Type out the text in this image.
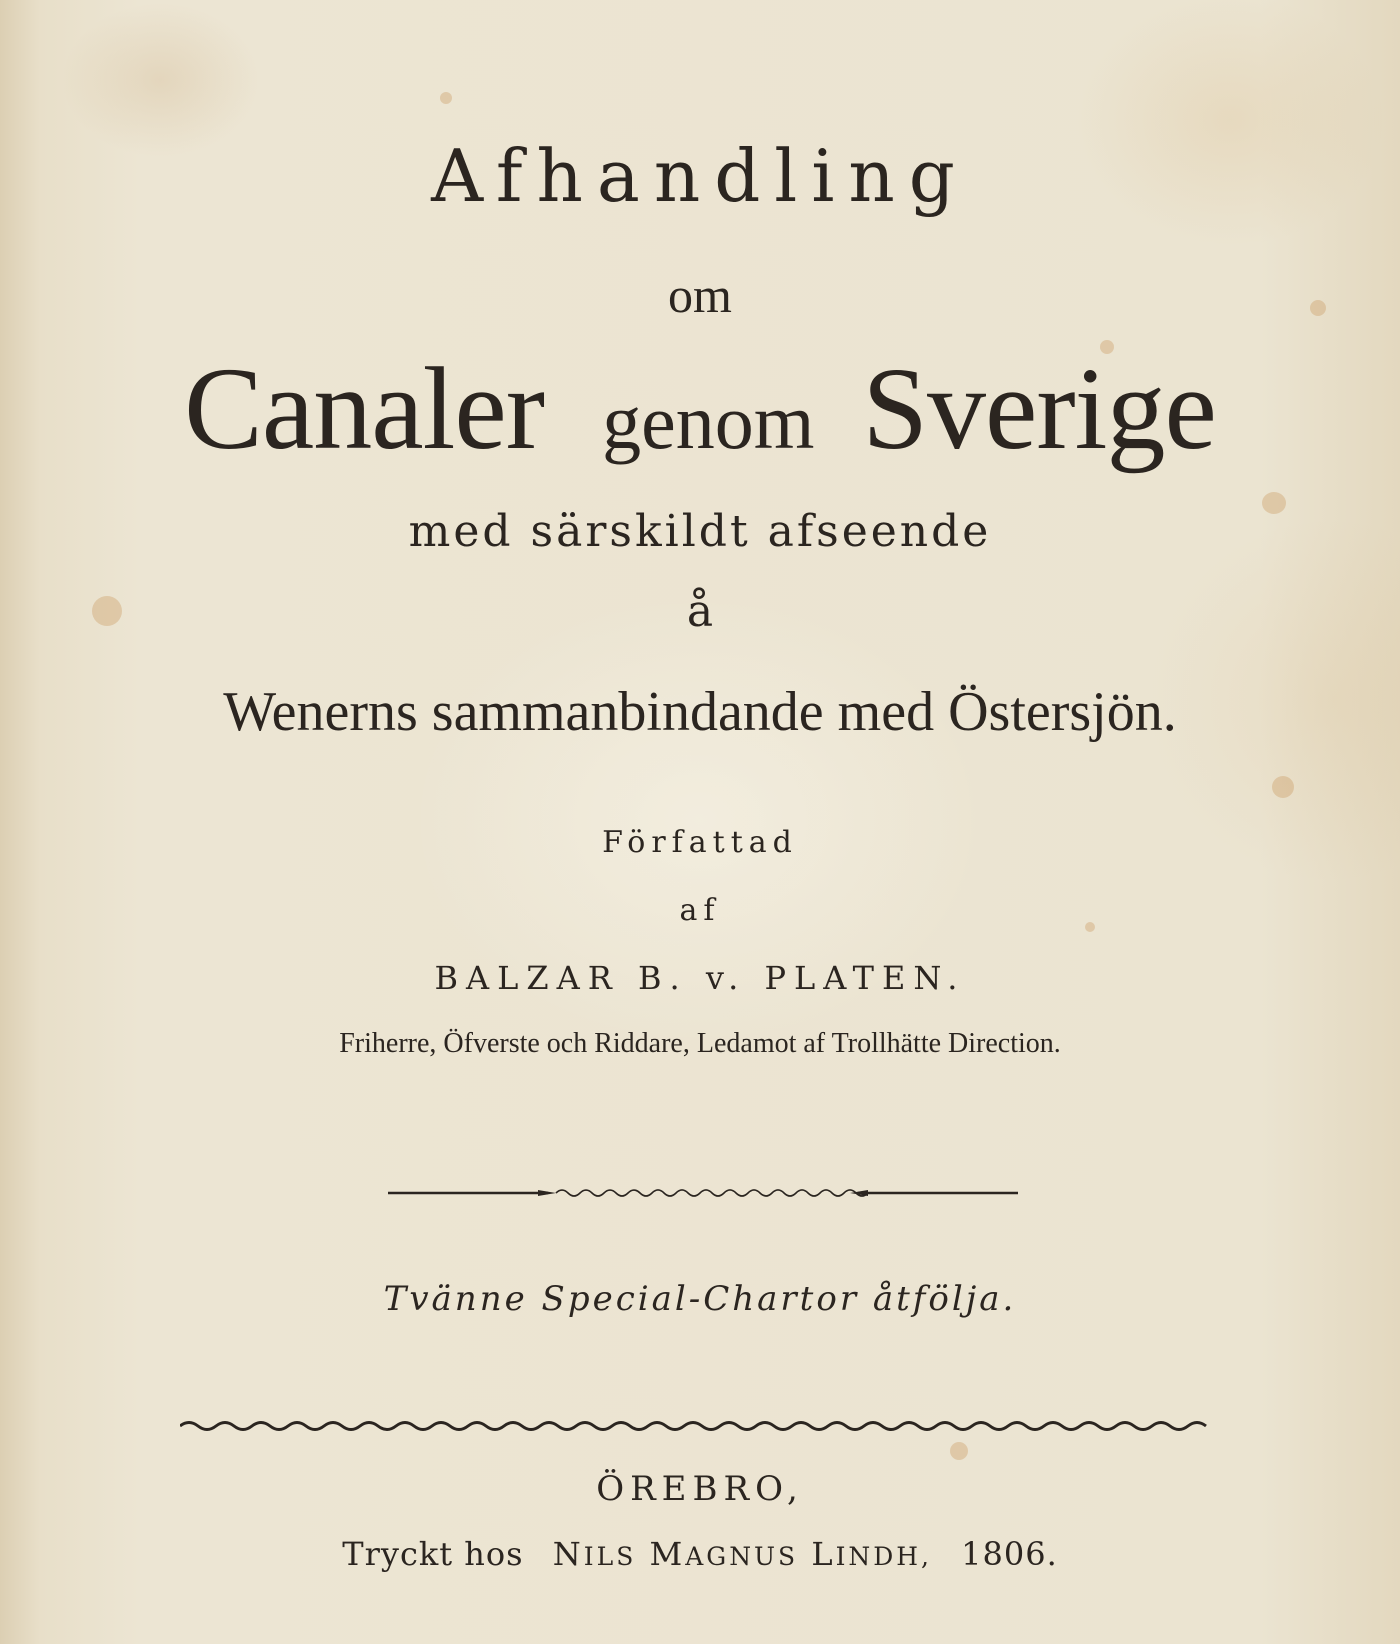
Afhandling
om
Canaler genom Sverige
med särskildt afseende
å
Wenerns sammanbindande med Östersjön.
Författad
af
BALZAR B. v. PLATEN.
Friherre, Öfverste och Riddare, Ledamot af Trollhätte Direction.
Tvänne Special-Chartor åtfölja.
ÖREBRO,
Tryckt hos NILS MAGNUS LINDH, 1806.
